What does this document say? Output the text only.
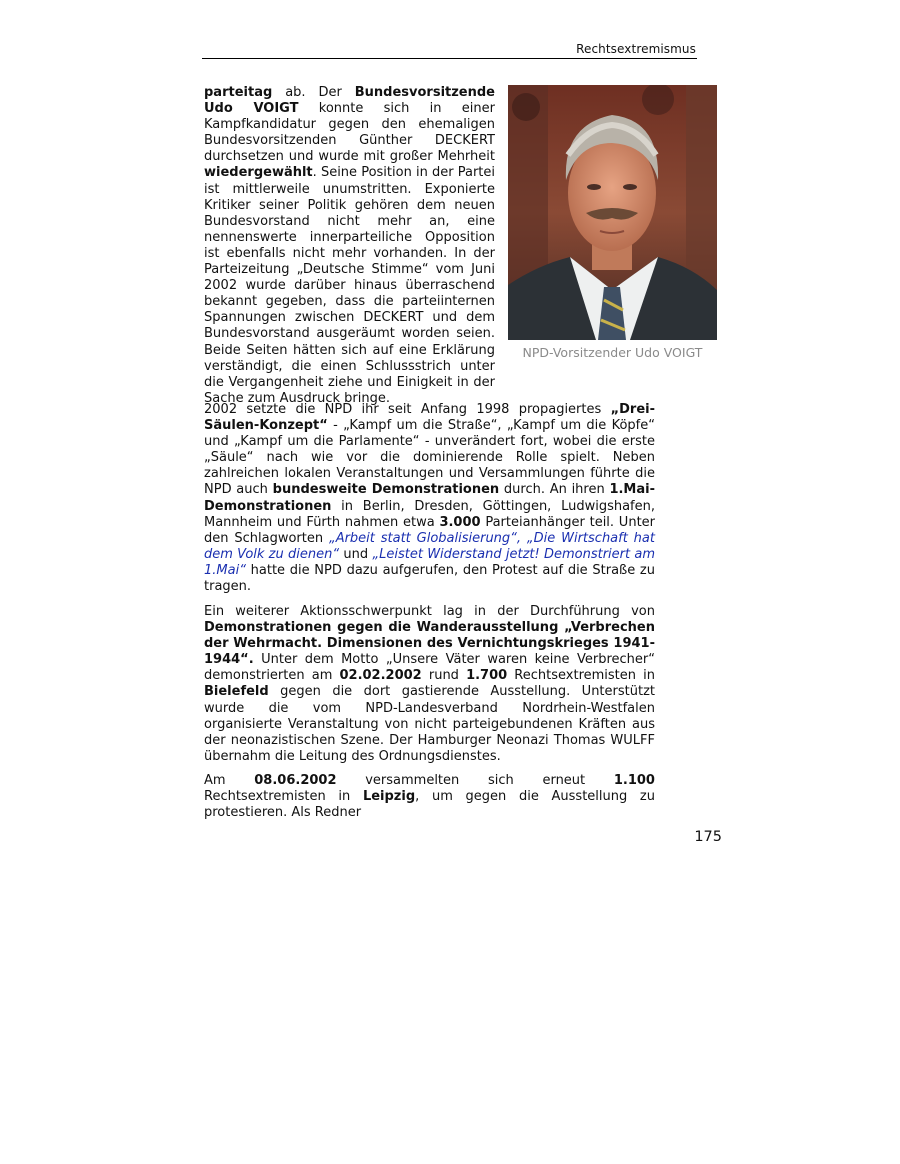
Rechtsextremismus

parteitag ab. Der Bundesvorsitzende Udo VOIGT konnte sich in einer Kampfkandidatur gegen den ehemaligen Bundesvorsitzenden Günther DECKERT durchsetzen und wurde mit großer Mehrheit wiedergewählt. Seine Position in der Partei ist mittlerweile unumstritten. Exponierte Kritiker seiner Politik gehören dem neuen Bundesvorstand nicht mehr an, eine nennenswerte innerparteiliche Opposition ist ebenfalls nicht mehr vorhanden. In der Parteizeitung „Deutsche Stimme“ vom Juni 2002 wurde darüber hinaus überraschend bekannt gegeben, dass die parteiinternen Spannungen zwischen DECKERT und dem Bundesvorstand ausgeräumt worden seien. Beide Seiten hätten sich auf eine Erklärung verständigt, die einen Schlussstrich unter die Vergangenheit ziehe und Einigkeit in der Sache zum Ausdruck bringe.

NPD-Vorsitzender Udo VOIGT

2002 setzte die NPD ihr seit Anfang 1998 propagiertes „Drei-Säulen-Konzept“ - „Kampf um die Straße“, „Kampf um die Köpfe“ und „Kampf um die Parlamente“ - unverändert fort, wobei die erste „Säule“ nach wie vor die dominierende Rolle spielt. Neben zahlreichen lokalen Veranstaltungen und Versammlungen führte die NPD auch bundesweite Demonstrationen durch. An ihren 1.Mai-Demonstrationen in Berlin, Dresden, Göttingen, Ludwigshafen, Mannheim und Fürth nahmen etwa 3.000 Parteianhänger teil. Unter den Schlagworten „Arbeit statt Globalisierung“, „Die Wirtschaft hat dem Volk zu dienen“ und „Leistet Widerstand jetzt! Demonstriert am 1.Mai“ hatte die NPD dazu aufgerufen, den Protest auf die Straße zu tragen.

Ein weiterer Aktionsschwerpunkt lag in der Durchführung von Demonstrationen gegen die Wanderausstellung „Verbrechen der Wehrmacht. Dimensionen des Vernichtungskrieges 1941-1944“. Unter dem Motto „Unsere Väter waren keine Verbrecher“ demonstrierten am 02.02.2002 rund 1.700 Rechtsextremisten in Bielefeld gegen die dort gastierende Ausstellung. Unterstützt wurde die vom NPD-Landesverband Nordrhein-Westfalen organisierte Veranstaltung von nicht parteigebundenen Kräften aus der neonazistischen Szene. Der Hamburger Neonazi Thomas WULFF übernahm die Leitung des Ordnungsdienstes.

Am 08.06.2002 versammelten sich erneut 1.100 Rechtsextremisten in Leipzig, um gegen die Ausstellung zu protestieren. Als Redner

175
